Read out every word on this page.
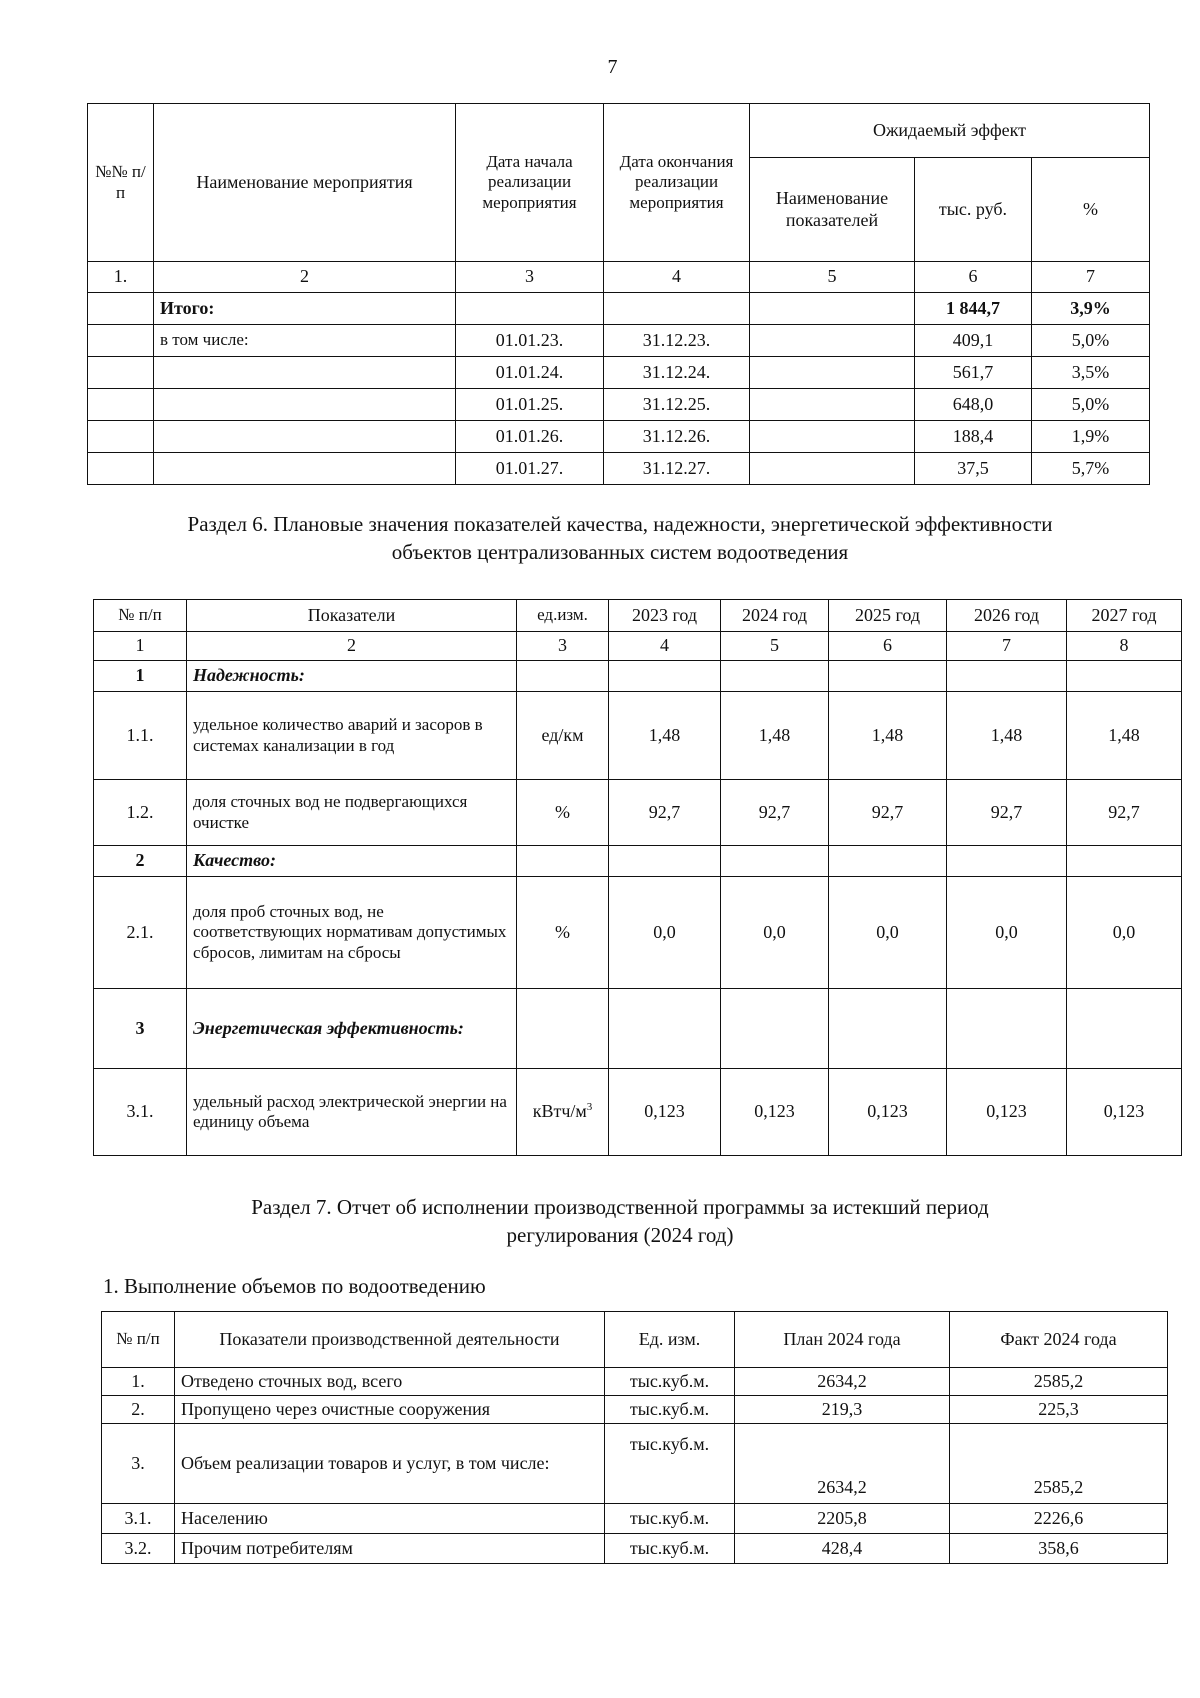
7
№№ п/п	Наименование мероприятия	Дата начала реализации мероприятия	Дата окончания реализации мероприятия	Ожидаемый эффект		
				Наименование показателей	тыс. руб.	%
1.	2	3	4	5	6	7
	Итого:				1 844,7	3,9%
	в том числе:	01.01.23.	31.12.23.		409,1	5,0%
		01.01.24.	31.12.24.		561,7	3,5%
		01.01.25.	31.12.25.		648,0	5,0%
		01.01.26.	31.12.26.		188,4	1,9%
		01.01.27.	31.12.27.		37,5	5,7%
Раздел 6. Плановые значения показателей качества, надежности, энергетической эффективности
объектов централизованных систем водоотведения
№ п/п	Показатели	ед.изм.	2023 год	2024 год	2025 год	2026 год	2027 год
1	2	3	4	5	6	7	8
1	Надежность:						
1.1.	удельное количество аварий и засоров в системах канализации в год	ед/км	1,48	1,48	1,48	1,48	1,48
1.2.	доля сточных вод не подвергающихся очистке	%	92,7	92,7	92,7	92,7	92,7
2	Качество:						
2.1.	доля проб сточных вод, не соответствующих нормативам допустимых сбросов, лимитам на сбросы	%	0,0	0,0	0,0	0,0	0,0
3	Энергетическая эффективность:						
3.1.	удельный расход электрической энергии на единицу объема	кВтч/$м^3$	0,123	0,123	0,123	0,123	0,123
Раздел 7. Отчет об исполнении производственной программы за истекший период
регулирования (2024 год)
1. Выполнение объемов по водоотведению
№ п/п	Показатели производственной деятельности	Ед. изм.	План 2024 года	Факт 2024 года
1.	Отведено сточных вод, всего	тыс.куб.м.	2634,2	2585,2
2.	Пропущено через очистные сооружения	тыс.куб.м.	219,3	225,3
3.	Объем реализации товаров и услуг, в том числе:	тыс.куб.м.	2634,2	2585,2
3.1.	Населению	тыс.куб.м.	2205,8	2226,6
3.2.	Прочим потребителям	тыс.куб.м.	428,4	358,6
